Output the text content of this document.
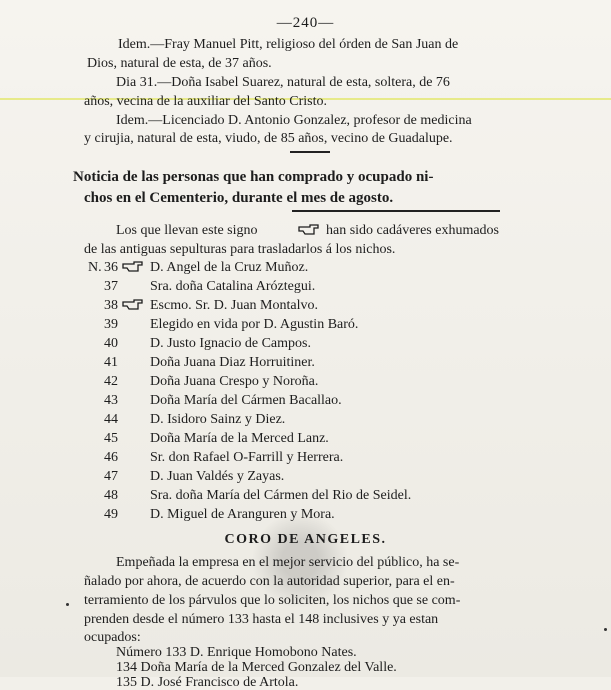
—240—
Idem.—Fray Manuel Pitt, religioso del órden de San Juan de
Dios, natural de esta, de 37 años.
Dia 31.—Doña Isabel Suarez, natural de esta, soltera, de 76
años, vecina de la auxiliar del Santo Cristo.
Idem.—Licenciado D. Antonio Gonzalez, profesor de medicina
y cirujia, natural de esta, viudo, de 85 años, vecino de Guadalupe.
Noticia de las personas que han comprado y ocupado ni-
chos en el Cementerio, durante el mes de agosto.
Los que llevan este signo	han sido cadáveres exhumados
de las antiguas sepulturas para trasladarlos á los nichos.
N. 36 D. Angel de la Cruz Muñoz.
37 Sra. doña Catalina Aróztegui.
38 Escmo. Sr. D. Juan Montalvo.
39 Elegido en vida por D. Agustin Baró.
40 D. Justo Ignacio de Campos.
41 Doña Juana Diaz Horruitiner.
42 Doña Juana Crespo y Noroña.
43 Doña María del Cármen Bacallao.
44 D. Isidoro Sainz y Diez.
45 Doña María de la Merced Lanz.
46 Sr. don Rafael O-Farrill y Herrera.
47 D. Juan Valdés y Zayas.
48 Sra. doña María del Cármen del Rio de Seidel.
49 D. Miguel de Aranguren y Mora.
CORO DE ANGELES.
Empeñada la empresa en el mejor servicio del público, ha se-
ñalado por ahora, de acuerdo con la autoridad superior, para el en-
terramiento de los párvulos que lo soliciten, los nichos que se com-
prenden desde el número 133 hasta el 148 inclusives y ya estan
ocupados:
Número 133 D. Enrique Homobono Nates.
134 Doña María de la Merced Gonzalez del Valle.
135 D. José Francisco de Artola.
